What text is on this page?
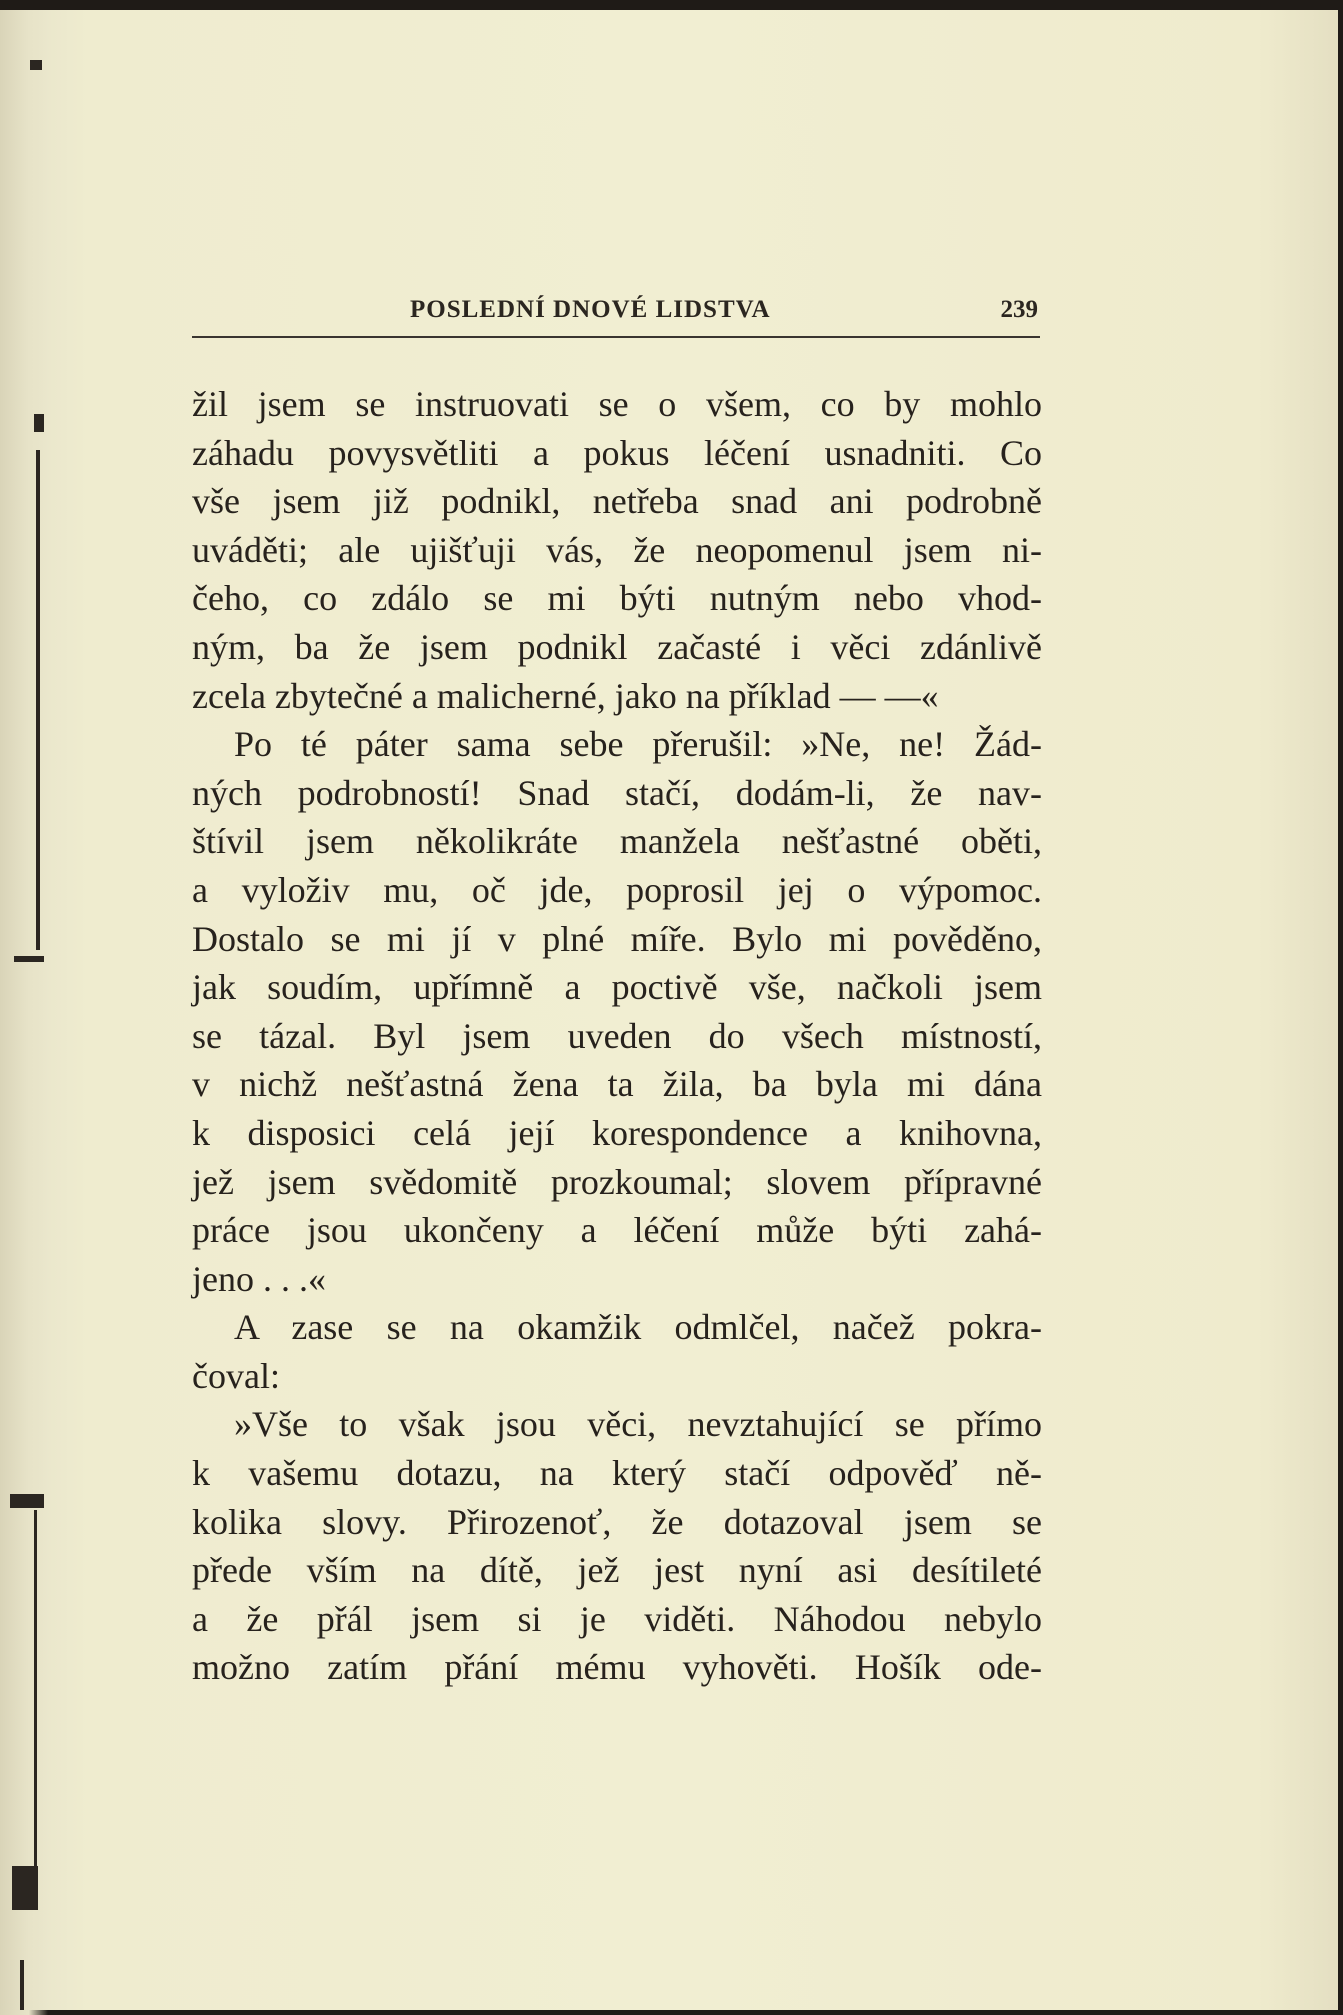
POSLEDNÍ DNOVÉ LIDSTVA	239
žil jsem se instruovati se o všem, co by mohlo
záhadu povysvětliti a pokus léčení usnadniti. Co
vše jsem již podnikl, netřeba snad ani podrobně
uváděti; ale ujišťuji vás, že neopomenul jsem ni-
čeho, co zdálo se mi býti nutným nebo vhod-
ným, ba že jsem podnikl začasté i věci zdánlivě
zcela zbytečné a malicherné, jako na příklad — —«
Po té páter sama sebe přerušil: »Ne, ne! Žád-
ných podrobností! Snad stačí, dodám-li, že nav-
štívil jsem několikráte manžela nešťastné oběti,
a vyloživ mu, oč jde, poprosil jej o výpomoc.
Dostalo se mi jí v plné míře. Bylo mi pověděno,
jak soudím, upřímně a poctivě vše, načkoli jsem
se tázal. Byl jsem uveden do všech místností,
v nichž nešťastná žena ta žila, ba byla mi dána
k disposici celá její korespondence a knihovna,
jež jsem svědomitě prozkoumal; slovem přípravné
práce jsou ukončeny a léčení může býti zahá-
jeno . . .«
A zase se na okamžik odmlčel, načež pokra-
čoval:
»Vše to však jsou věci, nevztahující se přímo
k vašemu dotazu, na který stačí odpověď ně-
kolika slovy. Přirozenoť, že dotazoval jsem se
přede vším na dítě, jež jest nyní asi desítileté
a že přál jsem si je viděti. Náhodou nebylo
možno zatím přání mému vyhověti. Hošík ode-
